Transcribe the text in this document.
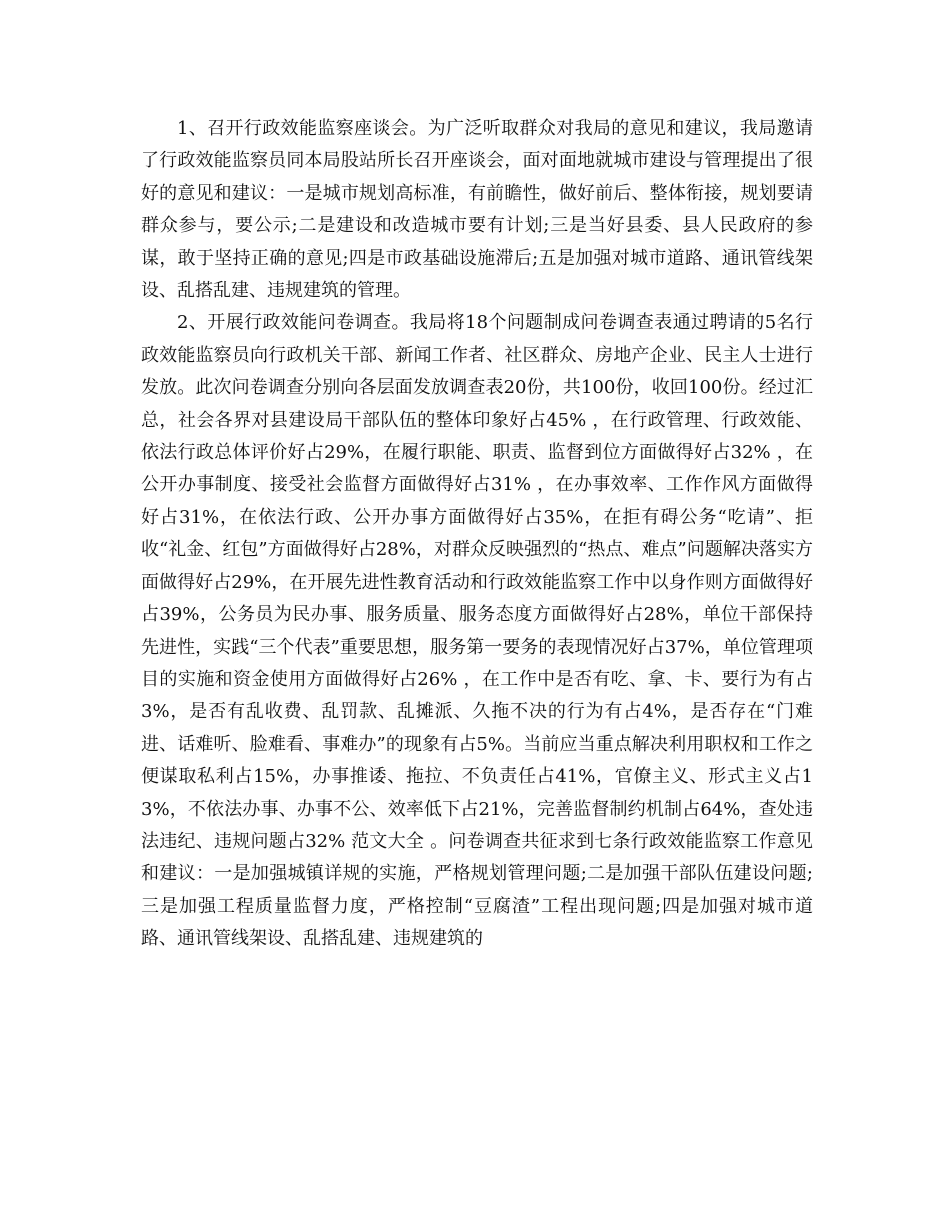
1、召开行政效能监察座谈会。为广泛听取群众对我局的意见和建议，我局邀请了行政效能监察员同本局股站所长召开座谈会，面对面地就城市建设与管理提出了很好的意见和建议：一是城市规划高标准，有前瞻性，做好前后、整体衔接，规划要请群众参与，要公示;二是建设和改造城市要有计划;三是当好县委、县人民政府的参谋，敢于坚持正确的意见;四是市政基础设施滞后;五是加强对城市道路、通讯管线架设、乱搭乱建、违规建筑的管理。

2、开展行政效能问卷调查。我局将18个问题制成问卷调查表通过聘请的5名行政效能监察员向行政机关干部、新闻工作者、社区群众、房地产企业、民主人士进行发放。此次问卷调查分别向各层面发放调查表20份，共100份，收回100份。经过汇总，社会各界对县建设局干部队伍的整体印象好占45% ，在行政管理、行政效能、依法行政总体评价好占29%，在履行职能、职责、监督到位方面做得好占32% ，在公开办事制度、接受社会监督方面做得好占31% ，在办事效率、工作作风方面做得好占31%，在依法行政、公开办事方面做得好占35%，在拒有碍公务“吃请”、拒收“礼金、红包”方面做得好占28%，对群众反映强烈的“热点、难点”问题解决落实方面做得好占29%，在开展先进性教育活动和行政效能监察工作中以身作则方面做得好占39%，公务员为民办事、服务质量、服务态度方面做得好占28%，单位干部保持先进性，实践“三个代表”重要思想，服务第一要务的表现情况好占37%，单位管理项目的实施和资金使用方面做得好占26% ，在工作中是否有吃、拿、卡、要行为有占3%，是否有乱收费、乱罚款、乱摊派、久拖不决的行为有占4%，是否存在“门难进、话难听、脸难看、事难办”的现象有占5%。当前应当重点解决利用职权和工作之便谋取私利占15%，办事推诿、拖拉、不负责任占41%，官僚主义、形式主义占13%，不依法办事、办事不公、效率低下占21%，完善监督制约机制占64%，查处违法违纪、违规问题占32% 范文大全 。问卷调查共征求到七条行政效能监察工作意见和建议：一是加强城镇详规的实施，严格规划管理问题;二是加强干部队伍建设问题;三是加强工程质量监督力度，严格控制“豆腐渣”工程出现问题;四是加强对城市道路、通讯管线架设、乱搭乱建、违规建筑的
